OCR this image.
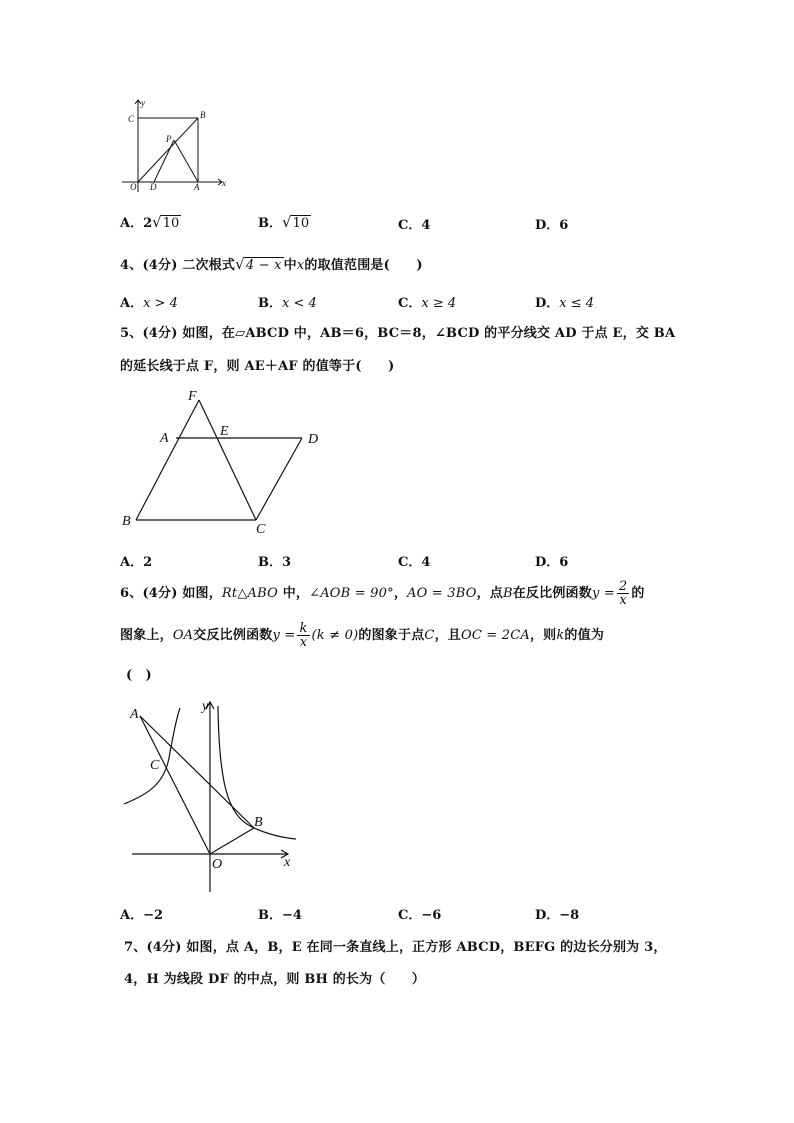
y
C	B
P
O D	A	x
A．2√10	B．√10	C．4	D．6
4、(4分) 二次根式√4 − x 中x的取值范围是(　　)
A．x > 4	B．x < 4	C．x ≥ 4	D．x ≤ 4
5、(4分) 如图，在▱ABCD 中，AB＝6，BC＝8，∠BCD 的平分线交 AD 于点 E，交 BA
的延长线于点 F，则 AE＋AF 的值等于(　　)
F
A	E
D
B
C
A．2	B．3	C．4	D．6
6、(4分) 如图，Rt△ABO 中，∠AOB = 90°，AO = 3BO，点B在反比例函数$y = \frac{2}{x}$ 的
图象上，OA交反比例函数$y = \frac{k}{x} (k \ne 0)$的图象于点C，且OC = 2CA，则k的值为
(　)
A
y
C
B
O	x
A．−2	B．−4	C．−6	D．−8
7、(4分) 如图，点 A，B，E 在同一条直线上，正方形 ABCD，BEFG 的边长分别为 3，
4，H 为线段 DF 的中点，则 BH 的长为（　　）
